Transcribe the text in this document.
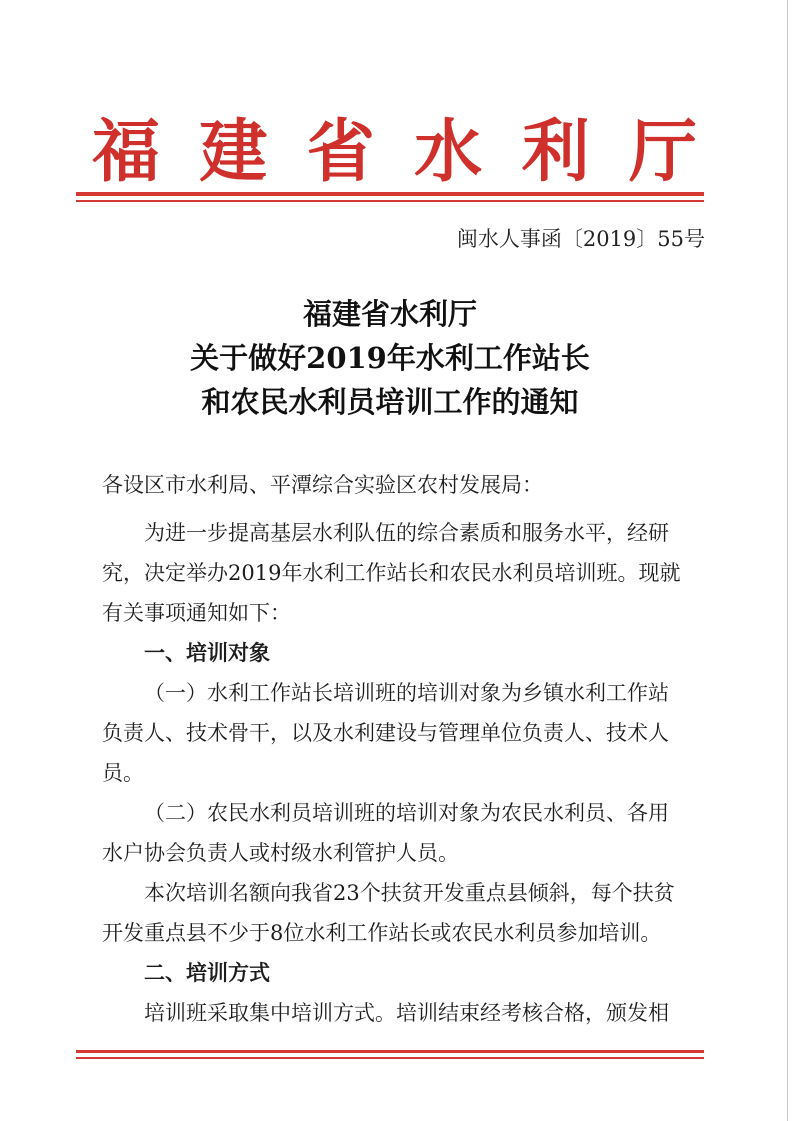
福 建 省 水 利 厅
闽水人事函〔2019〕55号
福建省水利厅
关于做好2019年水利工作站长
和农民水利员培训工作的通知
各设区市水利局、平潭综合实验区农村发展局：
为进一步提高基层水利队伍的综合素质和服务水平，经研
究，决定举办2019年水利工作站长和农民水利员培训班。现就
有关事项通知如下：
一、培训对象
（一）水利工作站长培训班的培训对象为乡镇水利工作站
负责人、技术骨干，以及水利建设与管理单位负责人、技术人
员。
（二）农民水利员培训班的培训对象为农民水利员、各用
水户协会负责人或村级水利管护人员。
本次培训名额向我省23个扶贫开发重点县倾斜，每个扶贫
开发重点县不少于8位水利工作站长或农民水利员参加培训。
二、培训方式
培训班采取集中培训方式。培训结束经考核合格，颁发相
